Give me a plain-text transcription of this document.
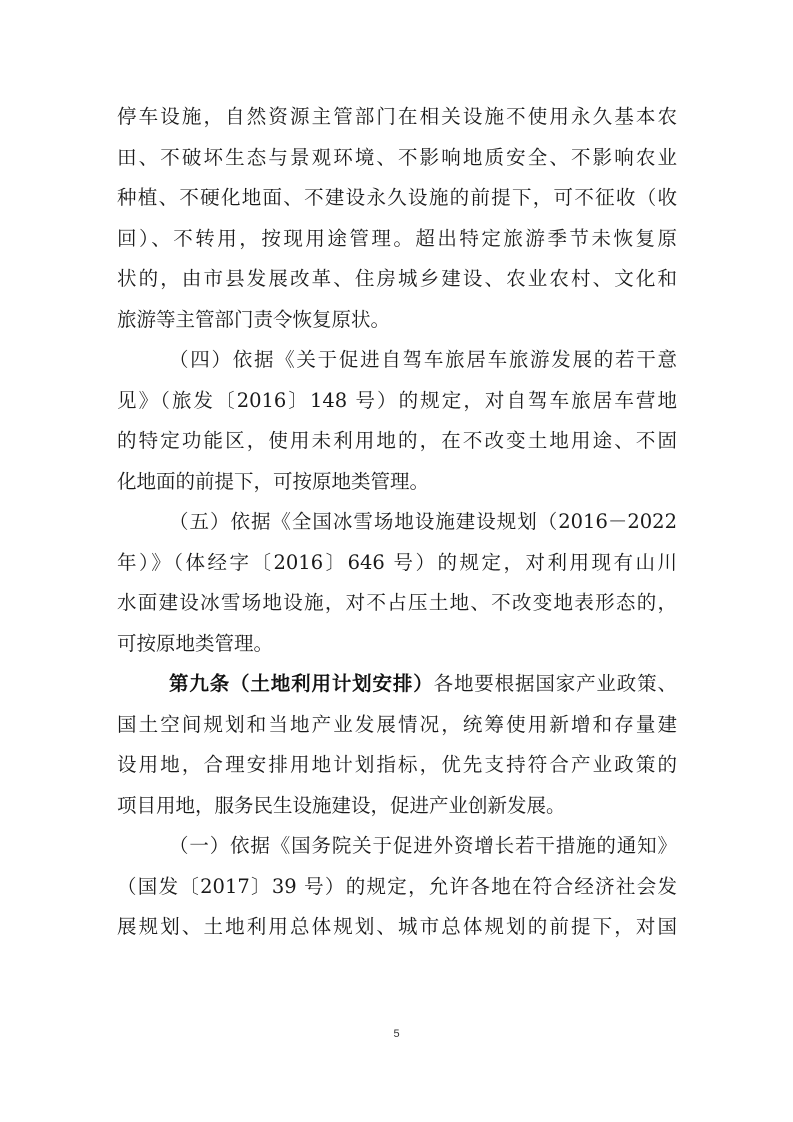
停车设施，自然资源主管部门在相关设施不使用永久基本农
田、不破坏生态与景观环境、不影响地质安全、不影响农业
种植、不硬化地面、不建设永久设施的前提下，可不征收（收
回）、不转用，按现用途管理。超出特定旅游季节未恢复原
状的，由市县发展改革、住房城乡建设、农业农村、文化和
旅游等主管部门责令恢复原状。
（四）依据《关于促进自驾车旅居车旅游发展的若干意
见》（旅发〔2016〕148 号）的规定，对自驾车旅居车营地
的特定功能区，使用未利用地的，在不改变土地用途、不固
化地面的前提下，可按原地类管理。
（五）依据《全国冰雪场地设施建设规划（2016－2022
年）》（体经字〔2016〕646 号）的规定，对利用现有山川
水面建设冰雪场地设施，对不占压土地、不改变地表形态的，
可按原地类管理。
第九条（土地利用计划安排）各地要根据国家产业政策、
国土空间规划和当地产业发展情况，统筹使用新增和存量建
设用地，合理安排用地计划指标，优先支持符合产业政策的
项目用地，服务民生设施建设，促进产业创新发展。
（一）依据《国务院关于促进外资增长若干措施的通知》
（国发〔2017〕39 号）的规定，允许各地在符合经济社会发
展规划、土地利用总体规划、城市总体规划的前提下，对国
5
